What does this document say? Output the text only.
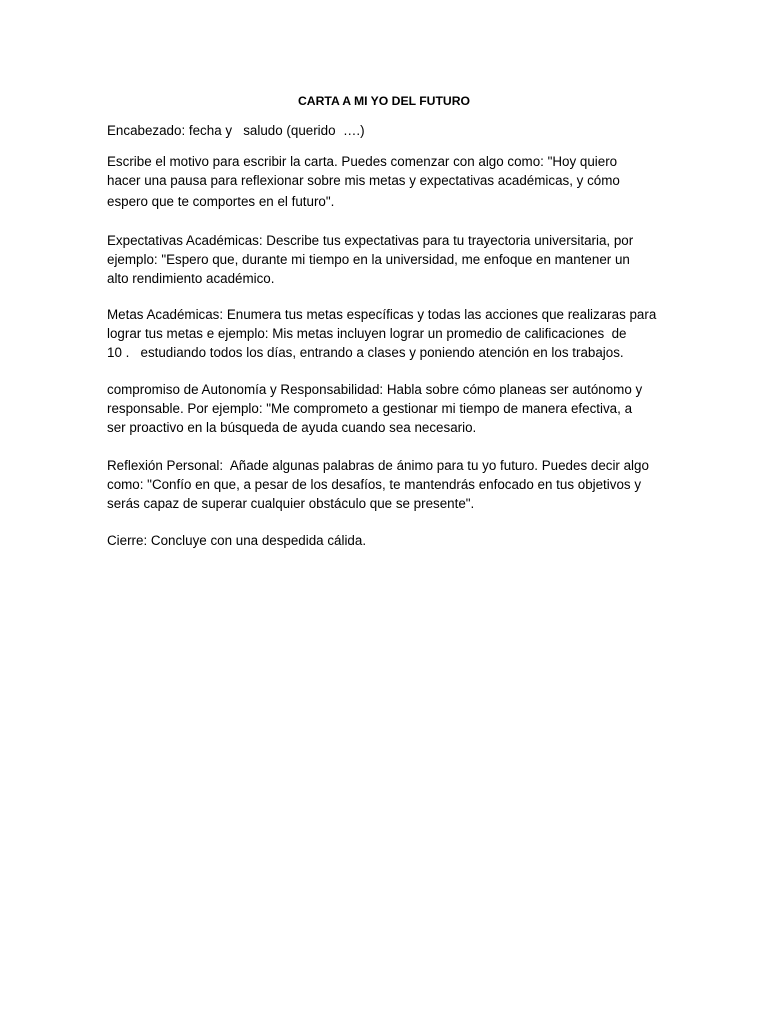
CARTA A MI YO DEL FUTURO

Encabezado: fecha y   saludo (querido  ….)

Escribe el motivo para escribir la carta. Puedes comenzar con algo como: "Hoy quiero
hacer una pausa para reflexionar sobre mis metas y expectativas académicas, y cómo
espero que te comportes en el futuro".

Expectativas Académicas: Describe tus expectativas para tu trayectoria universitaria, por
ejemplo: "Espero que, durante mi tiempo en la universidad, me enfoque en mantener un
alto rendimiento académico.

Metas Académicas: Enumera tus metas específicas y todas las acciones que realizaras para
lograr tus metas e ejemplo: Mis metas incluyen lograr un promedio de calificaciones  de
10 .   estudiando todos los días, entrando a clases y poniendo atención en los trabajos.

compromiso de Autonomía y Responsabilidad: Habla sobre cómo planeas ser autónomo y
responsable. Por ejemplo: "Me comprometo a gestionar mi tiempo de manera efectiva, a
ser proactivo en la búsqueda de ayuda cuando sea necesario.

Reflexión Personal:  Añade algunas palabras de ánimo para tu yo futuro. Puedes decir algo
como: "Confío en que, a pesar de los desafíos, te mantendrás enfocado en tus objetivos y
serás capaz de superar cualquier obstáculo que se presente".

Cierre: Concluye con una despedida cálida.
